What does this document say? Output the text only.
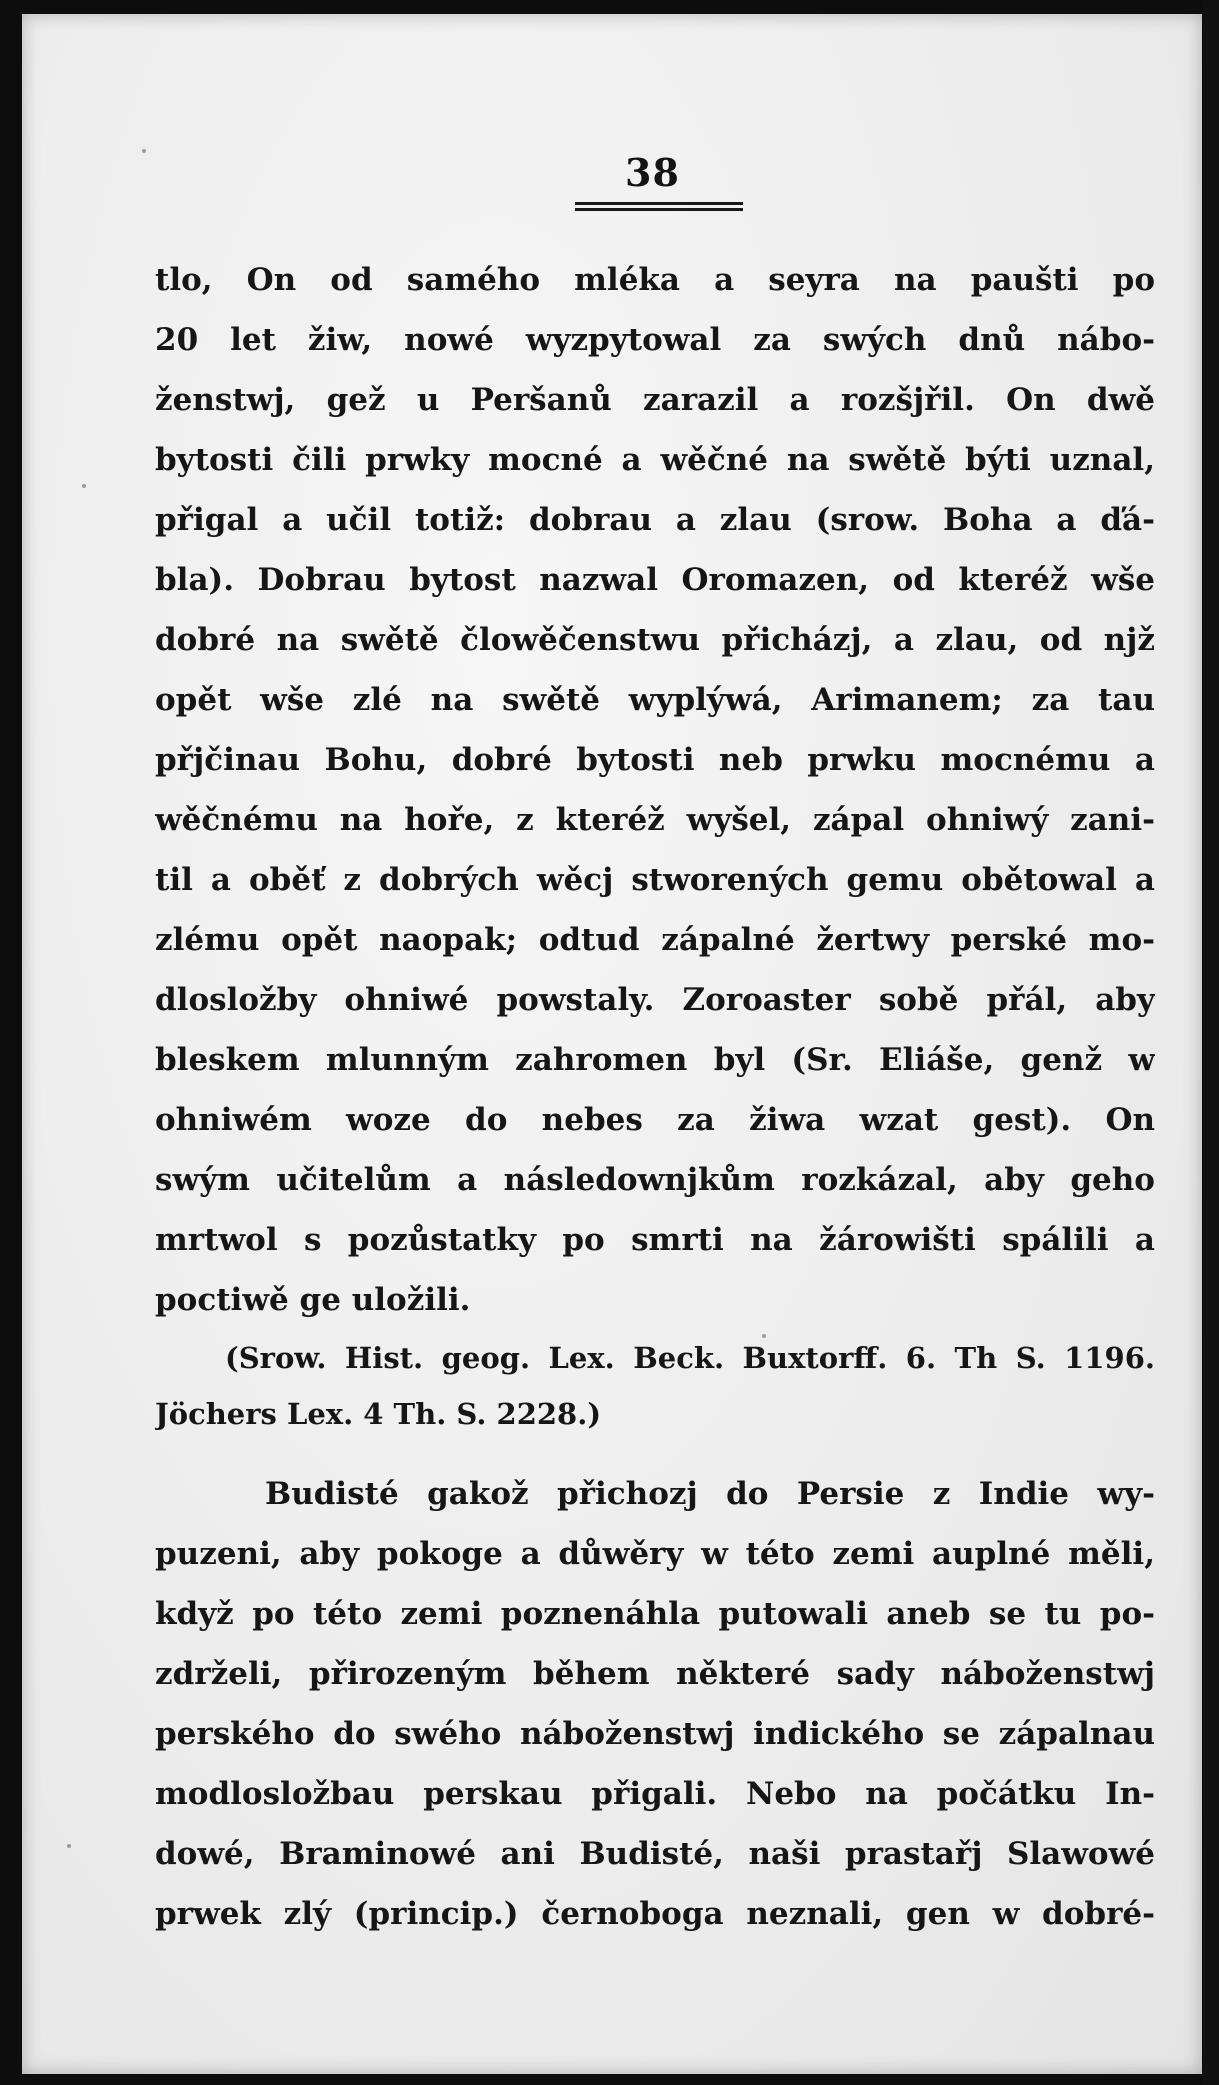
38
tlo, On od samého mléka a seyra na paušti po
20 let žiw, nowé wyzpytowal za swých dnů nábo-
ženstwj, gež u Peršanů zarazil a rozšjřil. On dwě
bytosti čili prwky mocné a wěčné na swětě býti uznal,
přigal a učil totiž: dobrau a zlau (srow. Boha a ďá-
bla). Dobrau bytost nazwal Oromazen, od kteréž wše
dobré na swětě člowěčenstwu přicházj, a zlau, od njž
opět wše zlé na swětě wyplýwá, Arimanem; za tau
přjčinau Bohu, dobré bytosti neb prwku mocnému a
wěčnému na hoře, z kteréž wyšel, zápal ohniwý zani-
til a oběť z dobrých wěcj stworených gemu obětowal a
zlému opět naopak; odtud zápalné žertwy perské mo-
dlosložby ohniwé powstaly. Zoroaster sobě přál, aby
bleskem mlunným zahromen byl (Sr. Eliáše, genž w
ohniwém woze do nebes za žiwa wzat gest). On
swým učitelům a následownjkům rozkázal, aby geho
mrtwol s pozůstatky po smrti na žárowišti spálili a
poctiwě ge uložili.
(Srow. Hist. geog. Lex. Beck. Buxtorff. 6. Th S. 1196.
Jöchers Lex. 4 Th. S. 2228.)
Budisté gakož přichozj do Persie z Indie wy-
puzeni, aby pokoge a důwěry w této zemi auplné měli,
když po této zemi poznenáhla putowali aneb se tu po-
zdrželi, přirozeným během některé sady náboženstwj
perského do swého náboženstwj indického se zápalnau
modlosložbau perskau přigali. Nebo na počátku In-
dowé, Braminowé ani Budisté, naši prastařj Slawowé
prwek zlý (princip.) černoboga neznali, gen w dobré-
